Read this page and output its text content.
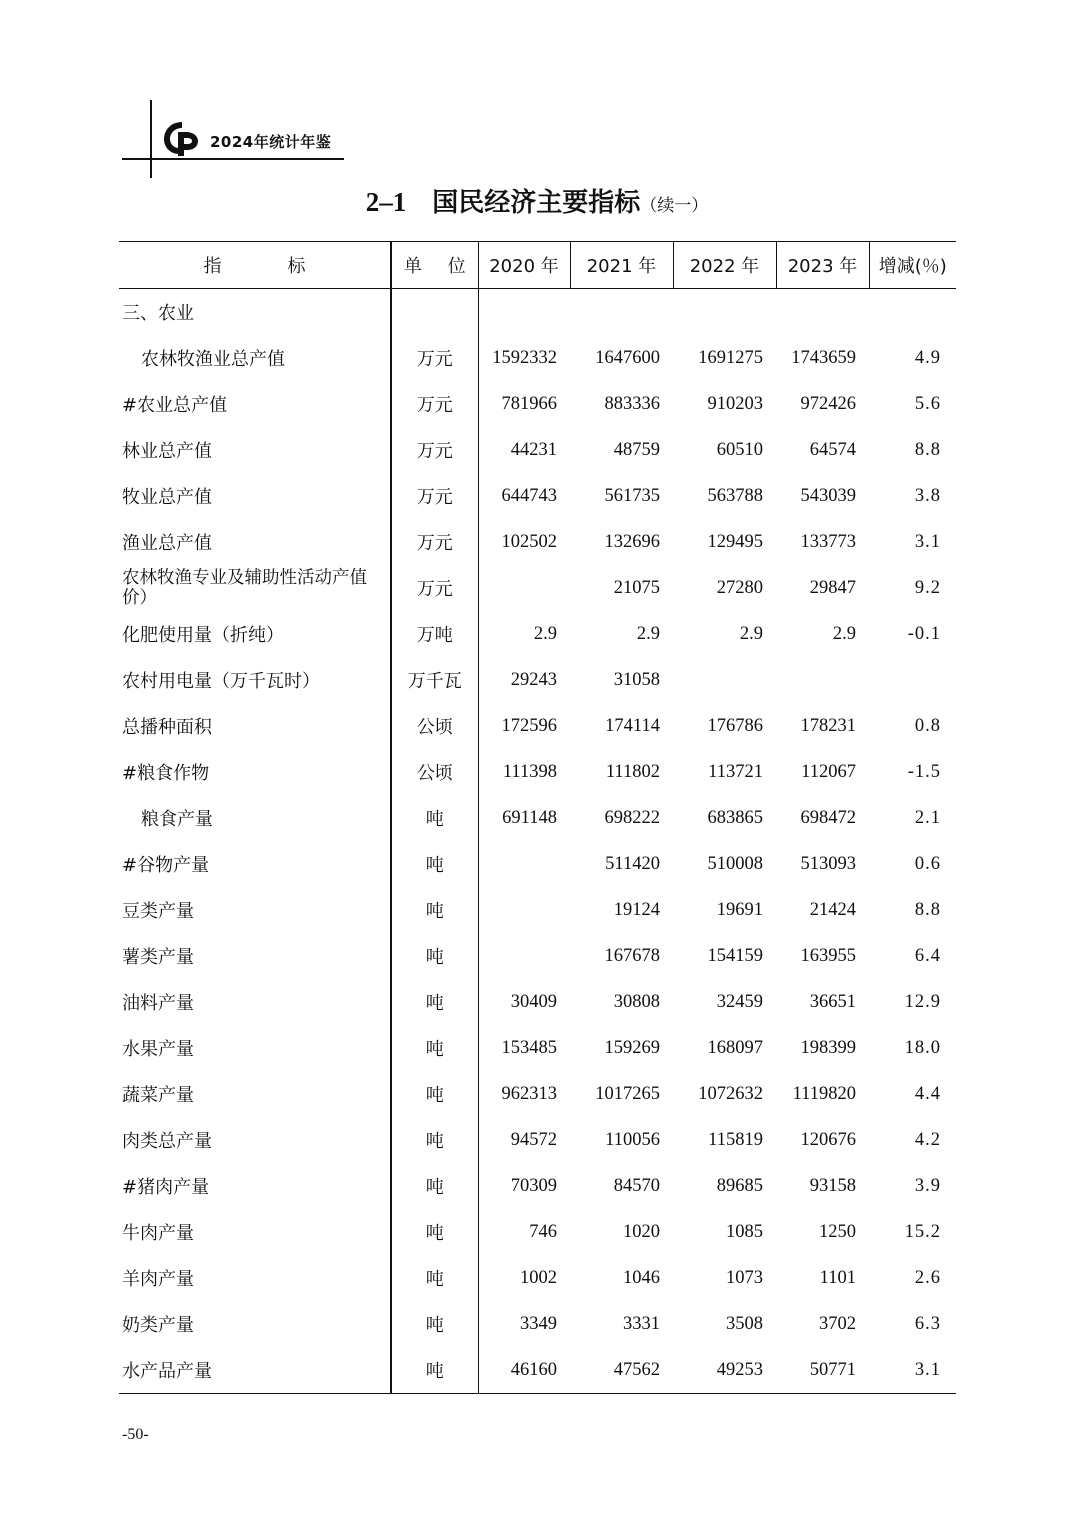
2024年统计年鉴
2–1 国民经济主要指标（续一）
指　标	单 位	2020 年	2021 年	2022 年	2023 年	增减(％)
三、农业						
农林牧渔业总产值	万元	1592332	1647600	1691275	1743659	4.9
#农业总产值	万元	781966	883336	910203	972426	5.6
林业总产值	万元	44231	48759	60510	64574	8.8
牧业总产值	万元	644743	561735	563788	543039	3.8
渔业总产值	万元	102502	132696	129495	133773	3.1
农林牧渔专业及辅助性活动产值价）	万元		21075	27280	29847	9.2
化肥使用量（折纯）	万吨	2.9	2.9	2.9	2.9	-0.1
农村用电量（万千瓦时）	万千瓦	29243	31058			
总播种面积	公顷	172596	174114	176786	178231	0.8
#粮食作物	公顷	111398	111802	113721	112067	-1.5
粮食产量	吨	691148	698222	683865	698472	2.1
#谷物产量	吨		511420	510008	513093	0.6
豆类产量	吨		19124	19691	21424	8.8
薯类产量	吨		167678	154159	163955	6.4
油料产量	吨	30409	30808	32459	36651	12.9
水果产量	吨	153485	159269	168097	198399	18.0
蔬菜产量	吨	962313	1017265	1072632	1119820	4.4
肉类总产量	吨	94572	110056	115819	120676	4.2
#猪肉产量	吨	70309	84570	89685	93158	3.9
牛肉产量	吨	746	1020	1085	1250	15.2
羊肉产量	吨	1002	1046	1073	1101	2.6
奶类产量	吨	3349	3331	3508	3702	6.3
水产品产量	吨	46160	47562	49253	50771	3.1
-50-
